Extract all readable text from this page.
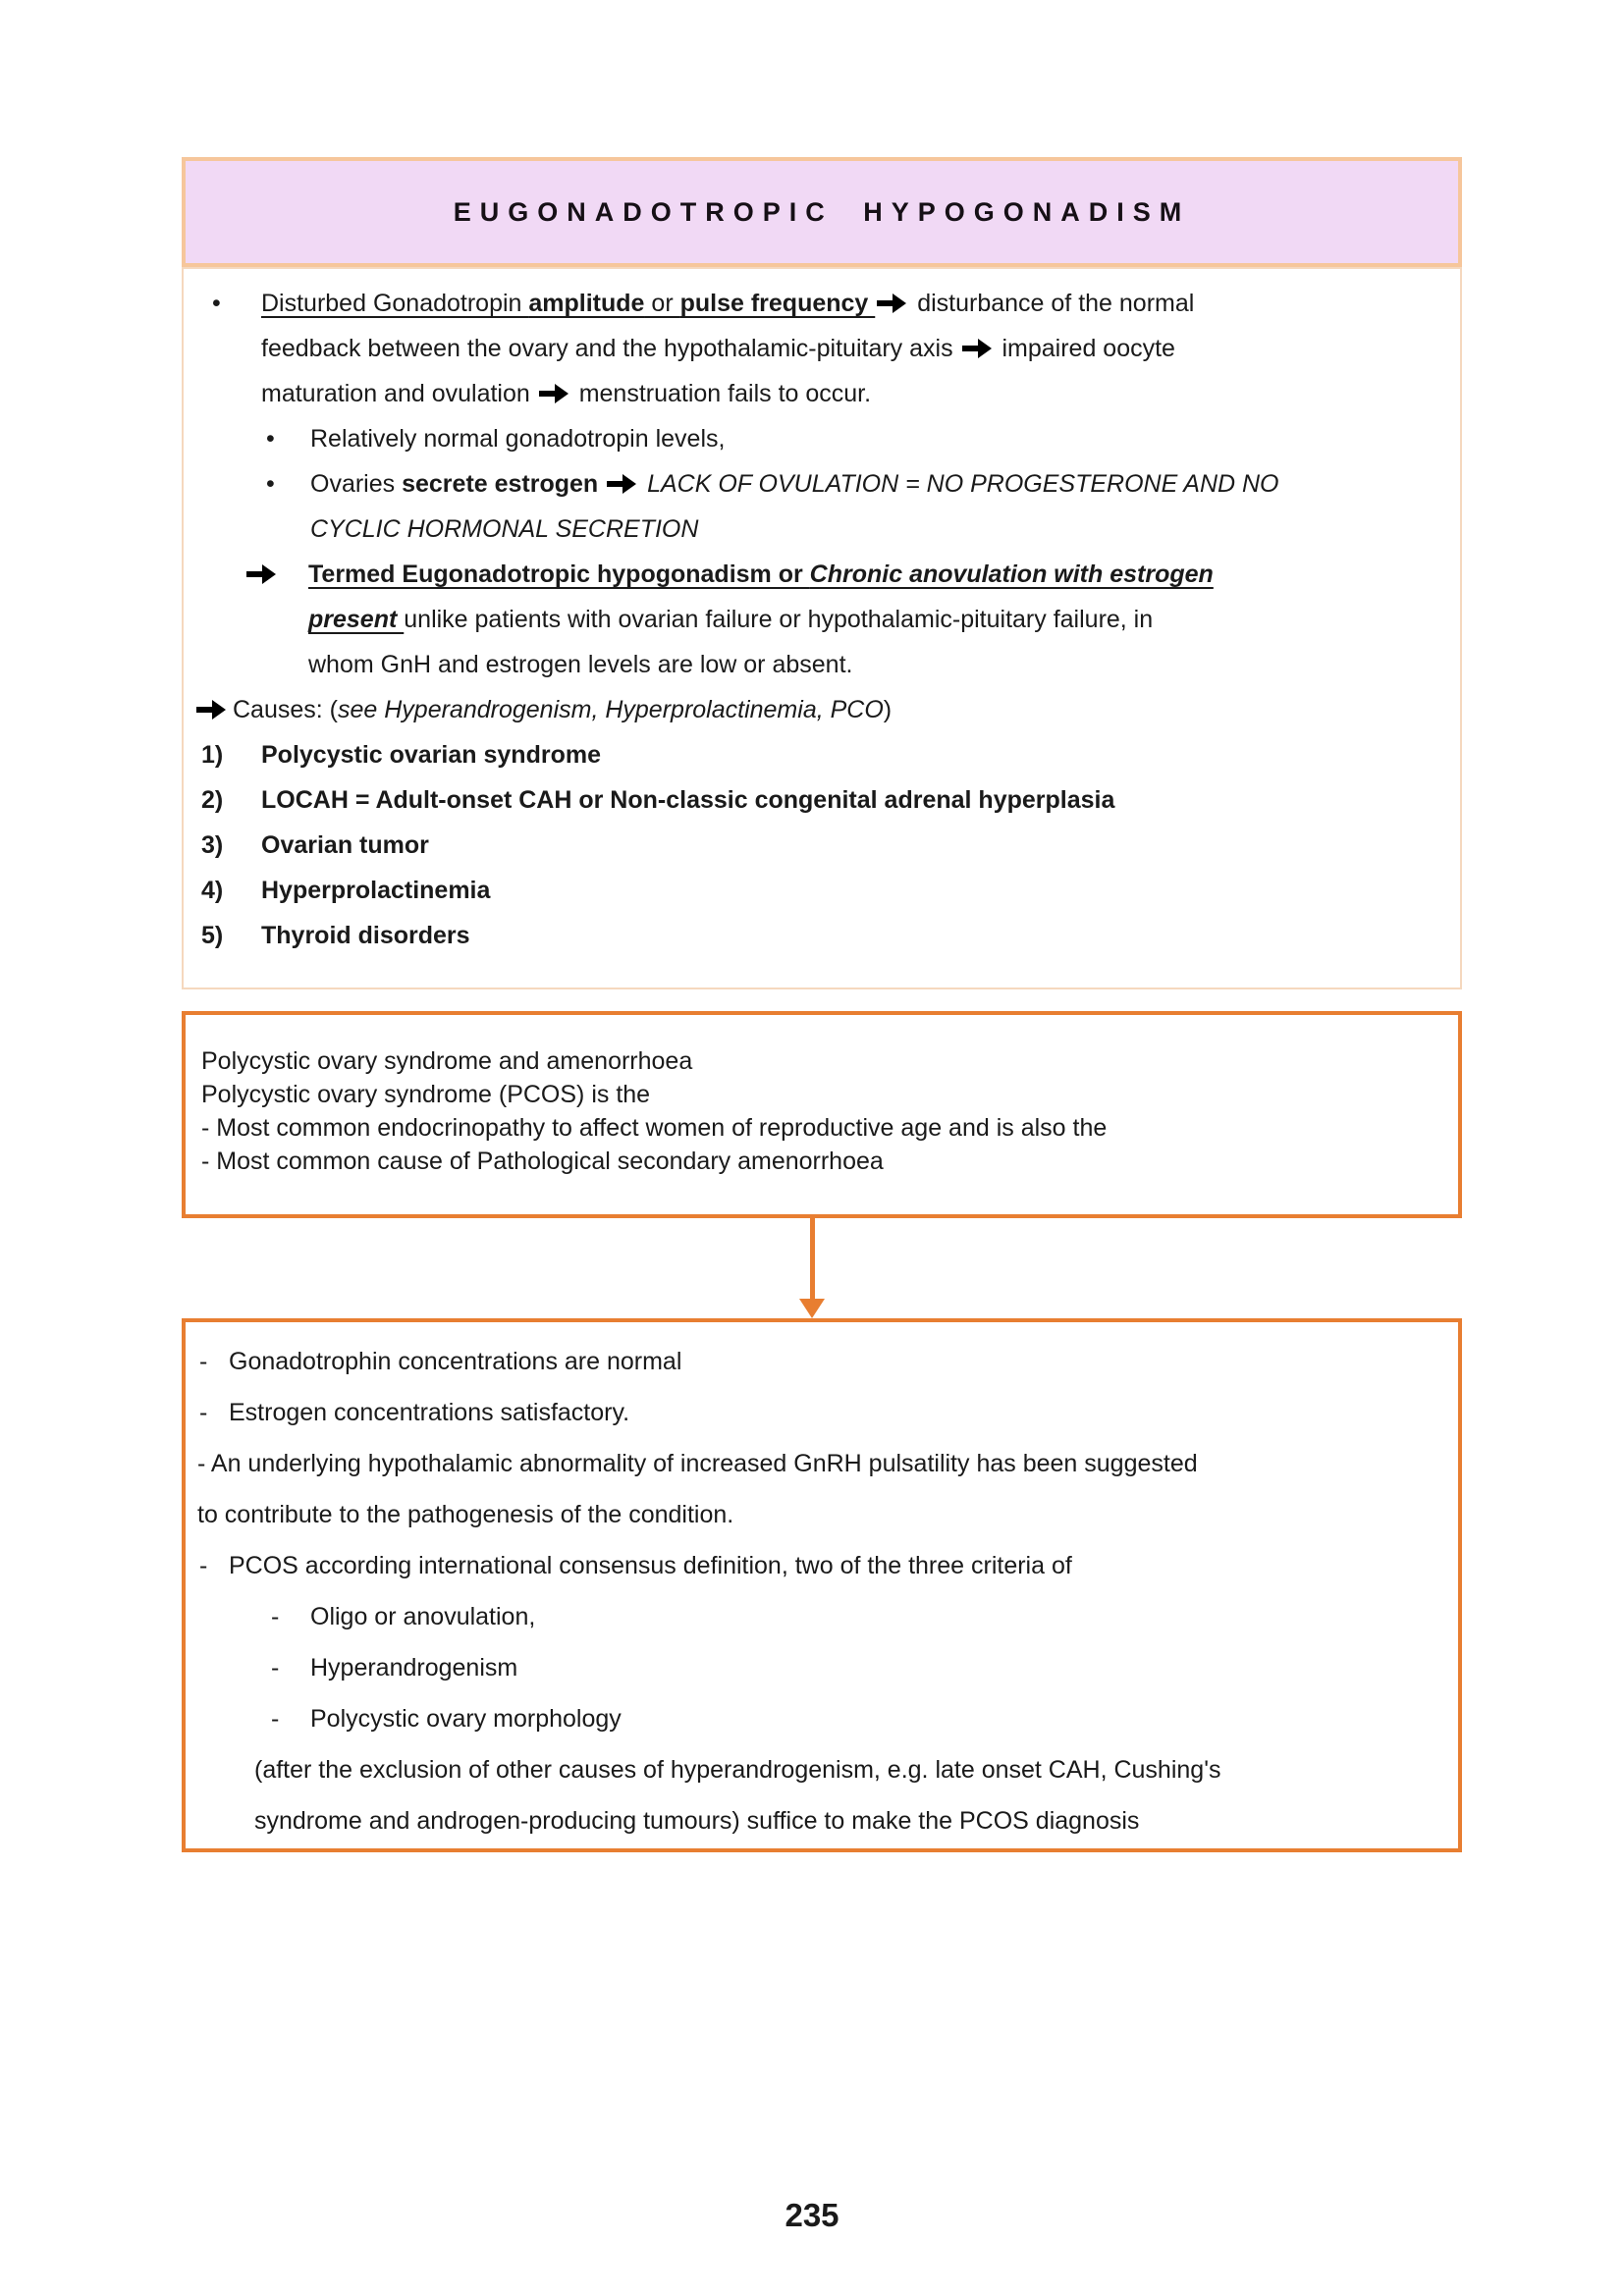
EUGONADOTROPIC HYPOGONADISM
• Disturbed Gonadotropin amplitude or pulse frequency  disturbance of the normal
feedback between the ovary and the hypothalamic-pituitary axis  impaired oocyte
maturation and ovulation  menstruation fails to occur.
• Relatively normal gonadotropin levels,
• Ovaries secrete estrogen  LACK OF OVULATION = NO PROGESTERONE AND NO
CYCLIC HORMONAL SECRETION
Termed Eugonadotropic hypogonadism or Chronic anovulation with estrogen
present unlike patients with ovarian failure or hypothalamic-pituitary failure, in
whom GnH and estrogen levels are low or absent.
Causes: (see Hyperandrogenism, Hyperprolactinemia, PCO)
1) Polycystic ovarian syndrome
2) LOCAH = Adult-onset CAH or Non-classic congenital adrenal hyperplasia
3) Ovarian tumor
4) Hyperprolactinemia
5) Thyroid disorders
Polycystic ovary syndrome and amenorrhoea
Polycystic ovary syndrome (PCOS) is the
- Most common endocrinopathy to affect women of reproductive age and is also the
- Most common cause of Pathological secondary amenorrhoea
- Gonadotrophin concentrations are normal
- Estrogen concentrations satisfactory.
- An underlying hypothalamic abnormality of increased GnRH pulsatility has been suggested
to contribute to the pathogenesis of the condition.
- PCOS according international consensus definition, two of the three criteria of
- Oligo or anovulation,
- Hyperandrogenism
- Polycystic ovary morphology
(after the exclusion of other causes of hyperandrogenism, e.g. late onset CAH, Cushing's
syndrome and androgen-producing tumours) suffice to make the PCOS diagnosis
235
